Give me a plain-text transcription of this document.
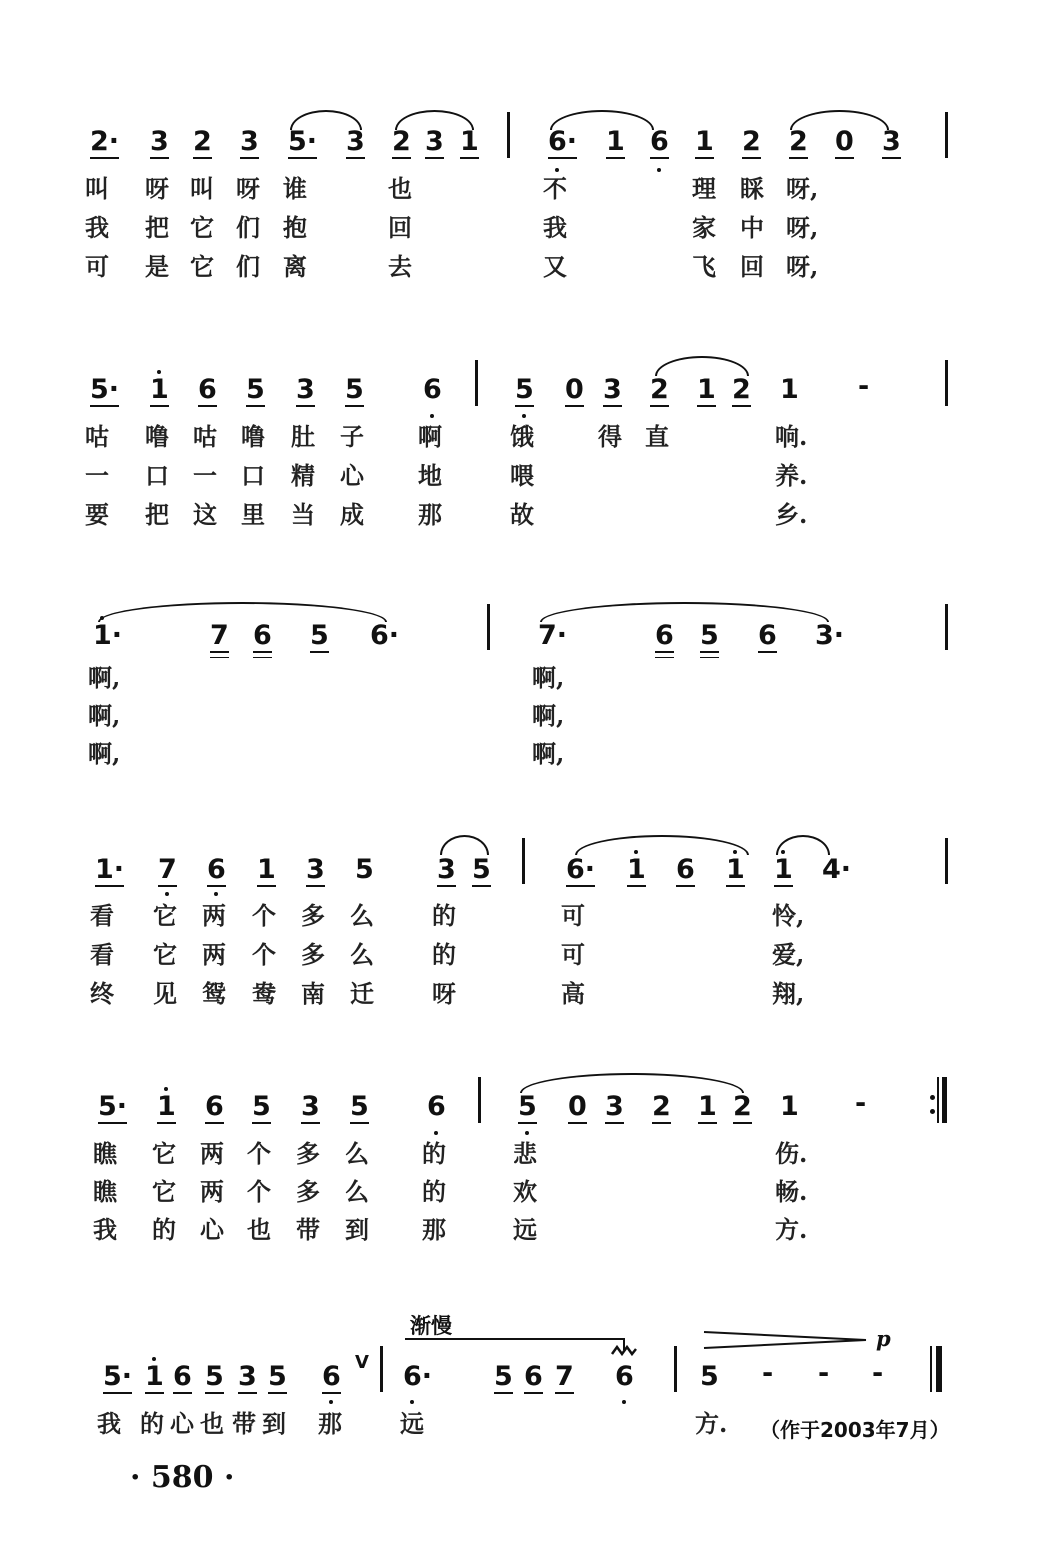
2· 3 2 3 5· 3 2 3 1	6· 1 6 1 2 2 0 3
叫 呀 叫 呀 谁	也	不	理 睬 呀,
我 把 它 们 抱	回	我	家 中 呀,
可 是 它 们 离	去	又	飞 回 呀,
5· 1 6 5 3 5 6	5 0 3 2 1 2 1 -
咕 噜 咕 噜 肚 子 啊	饿	得 直	响.
一 口 一 口 精 心 地	喂	养.
要 把 这 里 当 成 那	故	乡.
1·	7 6 5 6·	7·	6 5 6 3·
啊,	啊,
啊,	啊,
啊,	啊,
1· 7 6 1 3 5 3 5	6· 1 6 1 1 4·
看 它 两 个 多 么 的	可	怜,
看 它 两 个 多 么 的	可	爱,
终 见 鸳 鸯 南 迁 呀	高	翔,
5· 1 6 5 3 5 6	5 0 3 2 1 2 1 -
瞧 它 两 个 多 么 的	悲	伤.
瞧 它 两 个 多 么 的	欢	畅.
我 的 心 也 带 到 那	远	方.
渐慢	p
5· 1 6 5 3 5 6 V 6· 5 6 7 6 5 - - -
我 的 心 也 带 到 那 远	方. （作于2003年7月）
· 580 ·
